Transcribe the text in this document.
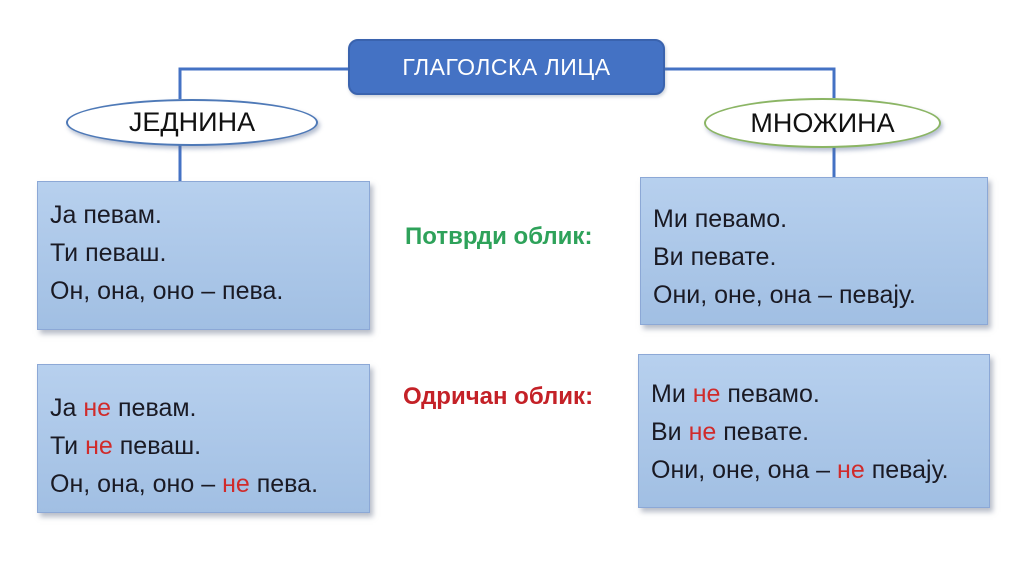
ГЛАГОЛСКА ЛИЦА
ЈЕДНИНА	МНОЖИНА
Ја певам.
Ти певаш.
Он, она, оно – пева.
Ми певамо.
Ви певате.
Они, оне, она – певају.
Потврди облик:
Ја не певам.
Ти не певаш.
Он, она, оно – не пева.
Ми не певамо.
Ви не певате.
Они, оне, она – не певају.
Одричан облик:
